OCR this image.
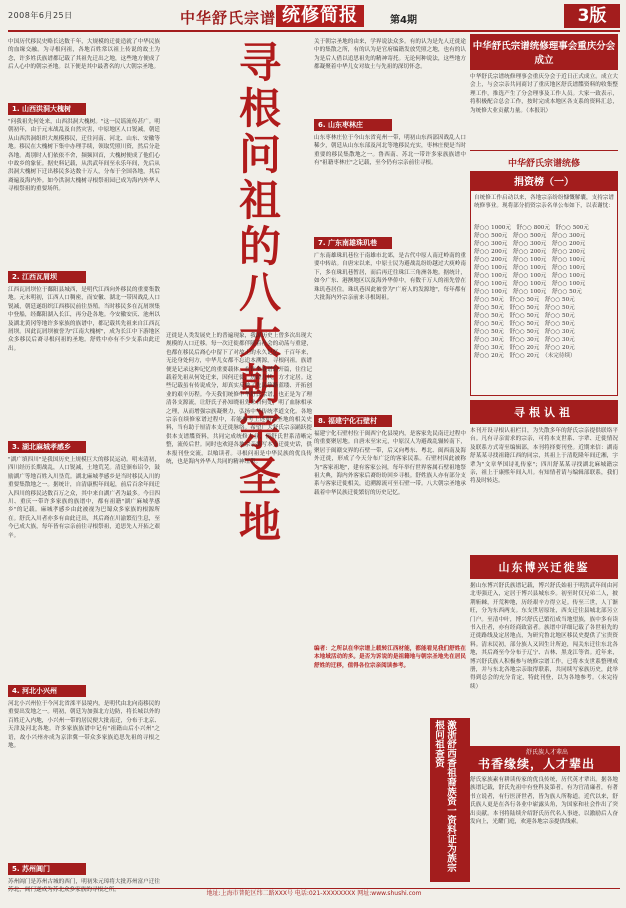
2008年6月25日	中华舒氏宗谱 统修简报	第4期	3版
中国历代移民史略长达数千年，大规模的迁徙造就了中华民族的血缘交融。为寻根问祖，各地百姓常以祖上传说的故土为念，许多姓氏族谱都记载了其祖先迁出之地，这些地方便成了后人心中的朝宗圣地。以下便是其中最著名的八大朝宗圣地。
1. 山西洪洞大槐树
"问我祖先何处来，山西洪洞大槐树。"这一民谣流传甚广。明朝初年，由于元末战乱及自然灾害，中原地区人口锐减，朝廷从山西洪洞组织大规模移民，迁往河南、河北、山东、安徽等地。移民在大槐树下集中办理手续，领取凭照川资，然后分赴各地。离别时人们依依不舍，频频回首，大槐树便成了他们心中故乡的象征。据史料记载，从洪武年间至永乐年间，先后从洪洞大槐树下迁出移民多达数十万人，分布于全国各地，其后裔遍及海内外。如今洪洞大槐树寻根祭祖园已成为海内外华人寻根祭祖的重要场所。
2. 江西瓦屑坝
江西瓦屑坝位于鄱阳县城西，是明代江西向外移民的重要集散地。元末明初，江西人口稠密，而安徽、湖北一带因战乱人口锐减，朝廷遂组织江西移民前往垦殖。当时移民多在瓦屑坝集中登船，经鄱阳湖入长江，再分赴各地。今安徽安庆、池州以及湖北黄冈等地许多家族的族谱中，都记载其先祖来自江西瓦屑坝。因此瓦屑坝被誉为"江南大槐树"，成为长江中下游地区众多移民后裔寻根问祖的圣地。舒姓中亦有不少支系由此迁出。
3. 湖北麻城孝感乡
"湖广填四川"是我国历史上规模巨大的移民运动。明末清初，四川经历长期战乱，人口锐减，土地荒芜。清廷颁布诏令，鼓励湖广等地百姓入川垦荒。湖北麻城孝感乡是当时移民入川的重要集散地之一。据统计，自清康熙年间起，前后百余年间迁入四川的移民达数百万之众，其中来自湖广者为最多。今日四川、重庆一带许多家族的族谱中，都有祖籍"湖广麻城孝感乡"的记载。麻城孝感乡由此被视为巴蜀众多家族的根源所在。舒氏入川者亦多有由此迁出，其后裔在川渝繁衍生息，至今已成大族，每年皆有宗亲前往寻根祭祖，追思先人开拓之艰辛。
4. 河北小兴州
河北小兴州位于今河北省滦平县境内，是明代由北向南移民的重要出发地之一。明初，朝廷为加强北方边防，将长城以外的百姓迁入内地，小兴州一带的居民便大批南迁，分布于北京、天津及河北各地。许多家族族谱中记有"祖籍山后小兴州"之语，故小兴州亦成为京津冀一带众多家族追思先祖的寻根之地。
5. 苏州阊门
苏州阊门是苏州古城的西门，明初朱元璋将大批苏州富户迁往苏北，阊门遂成为苏北众多家族的寻根之所。
寻根问祖的八大朝宗圣地
关于朝宗圣地的由来，学界说法众多。有的认为是先人迁徙途中的集散之所，有的认为是官府编籍发放凭照之地，也有的认为是后人借以追思祖先的精神寄托。无论何种说法，这些地方都凝聚着中华儿女对故土与先祖的深切怀念。
6. 山东枣林庄
山东枣林庄位于今山东省兖州一带，明初山东西部因战乱人口稀少，朝廷从山东东部及河北等地移民充实，枣林庄便是当时重要的移民集散地之一。鲁西南、苏北一带许多家族族谱中有"祖籍枣林庄"之记载，至今仍有宗亲前往寻根。
7. 广东南雄珠玑巷
广东南雄珠玑巷位于南雄市北郊，是古代中原人南迁岭南的重要中转站。自唐宋以来，中原士民为避战乱纷纷越过大庾岭南下，多在珠玑巷暂居，而后再迁往珠江三角洲各地。据统计，如今广东、港澳地区以及海外华侨中，有数千万人的祖先曾在珠玑巷居住。珠玑巷因此被誉为"广府人的发源地"，每年都有大批海内外宗亲前来寻根谒祖。
8. 福建宁化石壁村
福建宁化石壁村位于闽西宁化县境内，是客家先民南迁过程中的重要聚居地。自唐末至宋元，中原汉人为避战乱辗转南下，聚居于闽赣交界的石壁一带，后又向粤东、粤北、闽西南及海外迁徙，形成了今天分布广泛的客家民系。石壁村因此被称为"客家祖地"，建有客家公祠，每年举行世界客属石壁祖地祭祖大典，海内外客家后裔纷纷回乡寻根。舒姓族人亦有部分支系与客家迁徙相关，追溯源流可至石壁一带。八大朝宗圣地承载着中华民族迁徙繁衍的历史记忆。
编者：之所以在华宗谱上载转江西材能，都能看见我们舒姓在本地域活动的多。是否为诉说的是祖籍地与朝宗圣地先在居民舒姓的迁移，值得各位宗亲阅读参考。
迁徙是人类发展史上的普遍现象，我国历史上曾多次出现大规模的人口迁移。每一次迁徙都伴随着社会的动荡与重建，也都在移民后裔心中留下了对故土的永久记忆。千百年来，无论身处何方，中华儿女都不忘追本溯源，寻根问祖。族谱便是记录这种记忆的重要载体。在许多族谱的开篇，往往记载着先祖从何处迁来，因何迁徙，历经几代，方才定居。这些记载虽有传说成分，却真实反映了先民筚路蓝缕、开拓创业的艰辛历程。今天我们统修中华舒氏宗谱，也正是为了理清各支源流，让舒氏子孙知晓祖先来自何处，明了血脉相承之理，从而增强宗族凝聚力，弘扬中华传统孝道文化。各地宗亲在续修家谱过程中，若能参考上述朝宗圣地的相关史料，当有助于厘清本支迁徙脉络。希望广大舒氏宗亲踊跃提供本支谱牒资料，共同完成统修大业，使舒氏世系清晰完整，流传后世。同时也欢迎各地宗亲撰写本支迁徙史话，供本报刊登交流，以飨读者。寻根问祖是中华民族的优良传统，也是海内外华人共同的精神纽带。
中华舒氏宗谱统修理事会重庆分会成立
中华舒氏宗谱统修理事会重庆分会于近日正式成立。成立大会上，与会宗亲共同商讨了重庆地区舒氏谱牒资料的收集整理工作，推选产生了分会理事及工作人员。大家一致表示，将积极配合总会工作，按时完成本地区各支系的资料汇总，为统修大业贡献力量。（本报讯）
中华舒氏宗谱统修
捐资榜（一）
自统修工作启动以来，各地宗亲纷纷慷慨解囊，支持宗谱统修事业。现将部分捐资宗亲名单公布如下，以表谢忱：
舒○○ 1000元　舒○○ 800元　舒○○ 500元
舒○○ 500元　舒○○ 500元　舒○○ 300元
舒○○ 300元　舒○○ 300元　舒○○ 200元
舒○○ 200元　舒○○ 200元　舒○○ 200元
舒○○ 200元　舒○○ 100元　舒○○ 100元
舒○○ 100元　舒○○ 100元　舒○○ 100元
舒○○ 100元　舒○○ 100元　舒○○ 100元
舒○○ 100元　舒○○ 100元　舒○○ 100元
舒○○ 100元　舒○○ 100元　舒○○ 50元
舒○○ 50元　舒○○ 50元　舒○○ 50元
舒○○ 50元　舒○○ 50元　舒○○ 50元
舒○○ 50元　舒○○ 50元　舒○○ 50元
舒○○ 50元　舒○○ 50元　舒○○ 50元
舒○○ 50元　舒○○ 50元　舒○○ 30元
舒○○ 30元　舒○○ 30元　舒○○ 30元
舒○○ 30元　舒○○ 20元　舒○○ 20元
舒○○ 20元　舒○○ 20元　（未完待续）
寻根认祖
本刊开设寻根认祖栏目，为失散多年的舒氏宗亲提供联络平台。凡有寻亲需求的宗亲，可将本支世系、字辈、迁徙情况及联系方式寄至编辑部，本刊将择要刊登。近期来信：湖南舒某某寻找祖籍江西的同宗，其祖上于清乾隆年间迁湘，字辈为"文章华国诗礼传家"；四川舒某某寻找湖北麻城籍宗亲，祖上于康熙年间入川。有知情者请与编辑部联系，我们将及时转达。
山东博兴迁徙鉴
据山东博兴舒氏族谱记载，博兴舒氏始祖于明洪武年间由河北枣强迁入，定居于博兴县城东乡。初至时仅兄弟二人，披荆斩棘，开荒种地，历经艰辛方得立足。传至三世，人丁渐旺，分为东西两支。东支世居原址，西支迁往县城北部另立门户。至清中叶，博兴舒氏已繁衍成当地望族，族中多有读书入仕者，亦有经商致富者。族谱中详细记载了各世祖先的迁徙路线及定居地点，为研究鲁北地区移民史提供了宝贵资料。清末民初，部分族人又因生计所迫，闯关东迁往东北各地，其后裔至今分布于辽宁、吉林、黑龙江等省。近年来，博兴舒氏族人积极参与统修宗谱工作，已将本支世系整理成册，并与东北各地宗亲取得联系，共同续写家族历史，此举得到总会的充分肯定，特此刊登，以为各地参考。（未完待续）
激浙舒西香祖裔族资一资料证为族宗根问祖查资	舒氏族人才辈出
书香缘续，人才辈出
舒氏家族素有耕读传家的优良传统，历代英才辈出。据各地族谱记载，舒氏先祖中有登科及第者，有为官清廉者，有著书立说者，有行医济世者，皆为族人所称道。近代以来，舒氏族人更是在各行各业中崭露头角，为国家和社会作出了突出贡献。本刊将陆续介绍舒氏历代名人事迹，以激励后人奋发向上，光耀门庭，欢迎各地宗亲提供线索。
地址:上海市普陀区纬二路XXX号 电话:021-XXXXXXXX 网址:www.shushi.com
